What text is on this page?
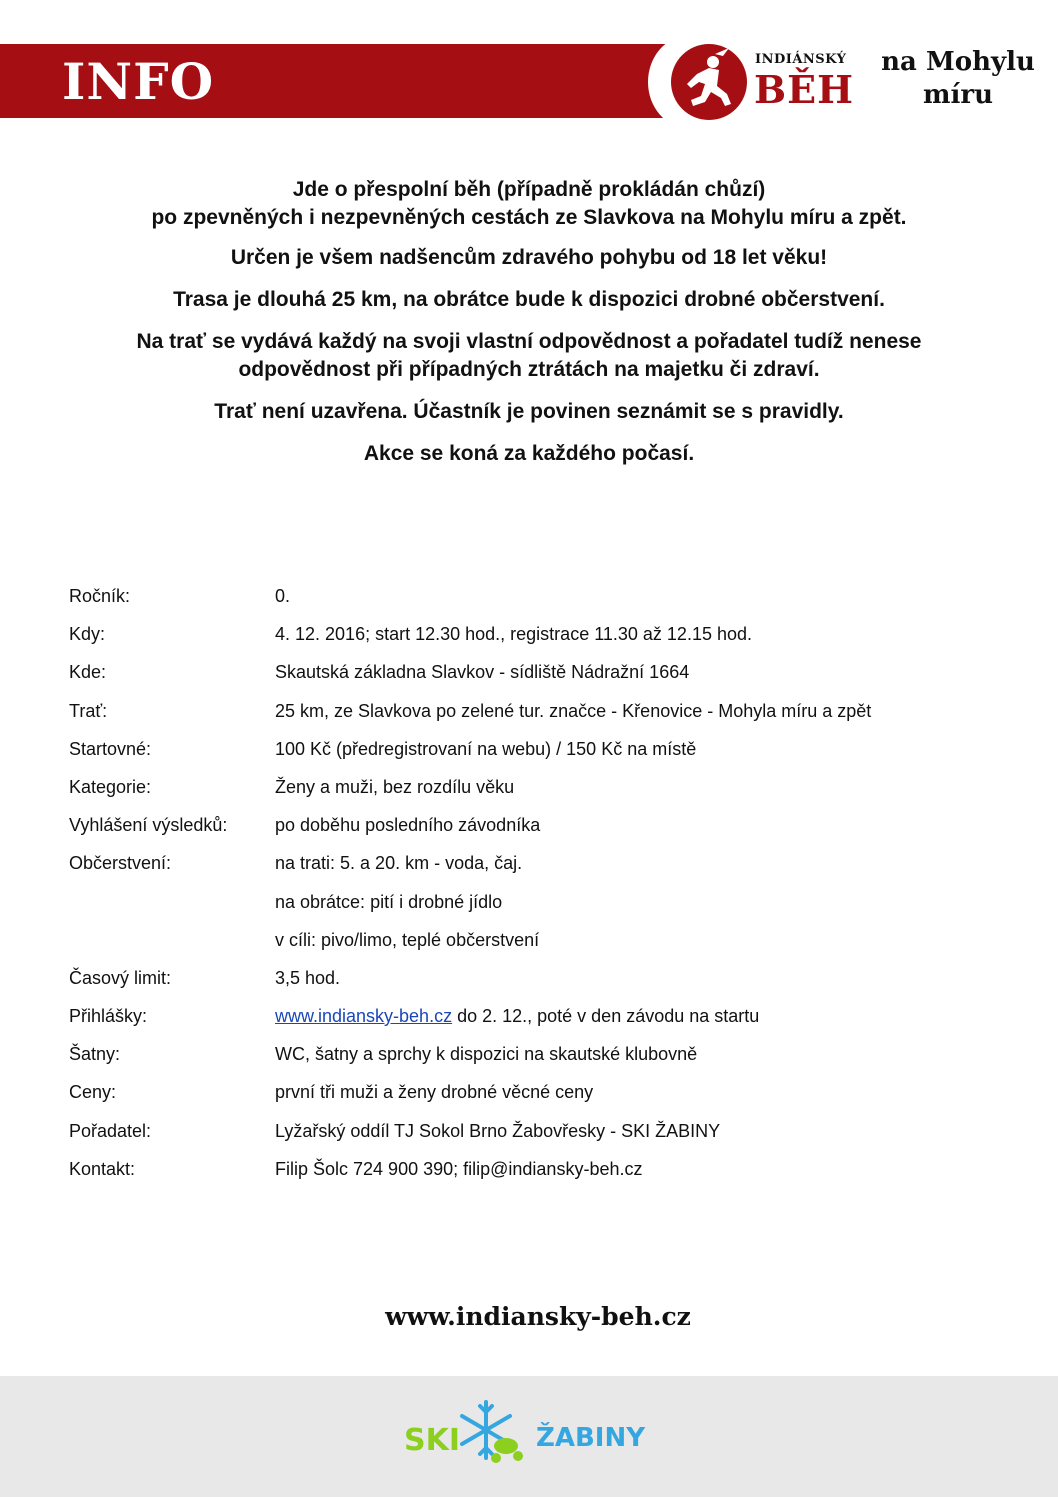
INFO	INDIÁNSKÝ
BĚH
na Mohylu
míru

Jde o přespolní běh (případně prokládán chůzí)
po zpevněných i nezpevněných cestách ze Slavkova na Mohylu míru a zpět.

Určen je všem nadšencům zdravého pohybu od 18 let věku!

Trasa je dlouhá 25 km, na obrátce bude k dispozici drobné občerstvení.

Na trať se vydává každý na svoji vlastní odpovědnost a pořadatel tudíž nenese
odpovědnost při případných ztrátách na majetku či zdraví.

Trať není uzavřena. Účastník je povinen seznámit se s pravidly.

Akce se koná za každého počasí.

Ročník:	0.
Kdy:	4. 12. 2016; start 12.30 hod., registrace 11.30 až 12.15 hod.
Kde:	Skautská základna Slavkov - sídliště Nádražní 1664
Trať:	25 km, ze Slavkova po zelené tur. značce - Křenovice - Mohyla míru a zpět
Startovné:	100 Kč (předregistrovaní na webu) / 150 Kč na místě
Kategorie:	Ženy a muži, bez rozdílu věku
Vyhlášení výsledků:	po doběhu posledního závodníka
Občerstvení:	na trati: 5. a 20. km - voda, čaj.
na obrátce: pití i drobné jídlo
v cíli: pivo/limo, teplé občerstvení
Časový limit:	3,5 hod.
Přihlášky:	www.indiansky-beh.cz do 2. 12., poté v den závodu na startu
Šatny:	WC, šatny a sprchy k dispozici na skautské klubovně
Ceny:	první tři muži a ženy drobné věcné ceny
Pořadatel:	Lyžařský oddíl TJ Sokol Brno Žabovřesky - SKI ŽABINY
Kontakt:	Filip Šolc 724 900 390; filip@indiansky-beh.cz
www.indiansky-beh.cz
SKI	ŽABINY
